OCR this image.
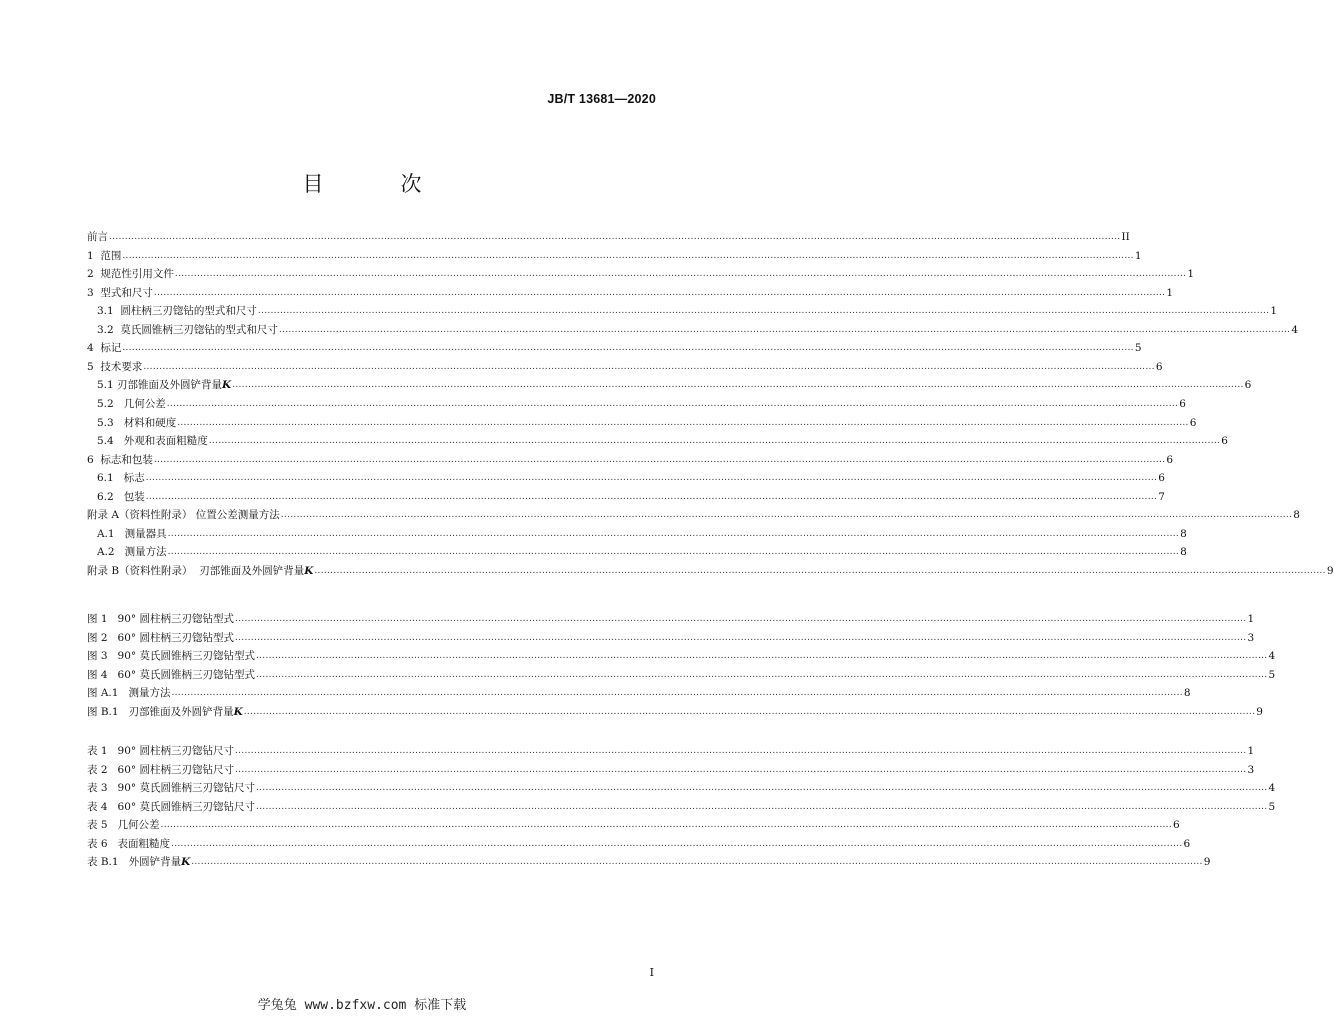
JB/T 13681—2020
目　次
前言 ................................................................................................................................................................................................................................................................................................................................ II
1  范围 ................................................................................................................................................................................................................................................................................................................................ 1
2  规范性引用文件 ................................................................................................................................................................................................................................................................................................................................ 1
3  型式和尺寸 ................................................................................................................................................................................................................................................................................................................................ 1
3.1  圆柱柄三刃锪钻的型式和尺寸 ................................................................................................................................................................................................................................................................................................................................ 1
3.2  莫氏圆锥柄三刃锪钻的型式和尺寸 ................................................................................................................................................................................................................................................................................................................................ 4
4  标记 ................................................................................................................................................................................................................................................................................................................................ 5
5  技术要求 ................................................................................................................................................................................................................................................................................................................................ 6
5.1 刃部锥面及外圆铲背量 K ................................................................................................................................................................................................................................................................................................................................ 6
5.2   几何公差 ................................................................................................................................................................................................................................................................................................................................ 6
5.3   材料和硬度 ................................................................................................................................................................................................................................................................................................................................ 6
5.4   外观和表面粗糙度 ................................................................................................................................................................................................................................................................................................................................ 6
6  标志和包装 ................................................................................................................................................................................................................................................................................................................................ 6
6.1   标志 ................................................................................................................................................................................................................................................................................................................................ 6
6.2   包装 ................................................................................................................................................................................................................................................................................................................................ 7
附录 A（资料性附录） 位置公差测量方法 ................................................................................................................................................................................................................................................................................................................................ 8
A.1   测量器具 ................................................................................................................................................................................................................................................................................................................................ 8
A.2   测量方法 ................................................................................................................................................................................................................................................................................................................................ 8
附录 B（资料性附录）  刃部锥面及外圆铲背量 K ................................................................................................................................................................................................................................................................................................................................ 9
图 1   90° 圆柱柄三刃锪钻型式 ................................................................................................................................................................................................................................................................................................................................ 1
图 2   60° 圆柱柄三刃锪钻型式 ................................................................................................................................................................................................................................................................................................................................ 3
图 3   90° 莫氏圆锥柄三刃锪钻型式 ................................................................................................................................................................................................................................................................................................................................ 4
图 4   60° 莫氏圆锥柄三刃锪钻型式 ................................................................................................................................................................................................................................................................................................................................ 5
图 A.1   测量方法 ................................................................................................................................................................................................................................................................................................................................ 8
图 B.1   刃部锥面及外圆铲背量 K ................................................................................................................................................................................................................................................................................................................................ 9
表 1   90° 圆柱柄三刃锪钻尺寸 ................................................................................................................................................................................................................................................................................................................................ 1
表 2   60° 圆柱柄三刃锪钻尺寸 ................................................................................................................................................................................................................................................................................................................................ 3
表 3   90° 莫氏圆锥柄三刃锪钻尺寸 ................................................................................................................................................................................................................................................................................................................................ 4
表 4   60° 莫氏圆锥柄三刃锪钻尺寸 ................................................................................................................................................................................................................................................................................................................................ 5
表 5   几何公差 ................................................................................................................................................................................................................................................................................................................................ 6
表 6   表面粗糙度 ................................................................................................................................................................................................................................................................................................................................ 6
表 B.1   外圆铲背量 K ................................................................................................................................................................................................................................................................................................................................ 9
I
学兔兔 www.bzfxw.com 标准下载
